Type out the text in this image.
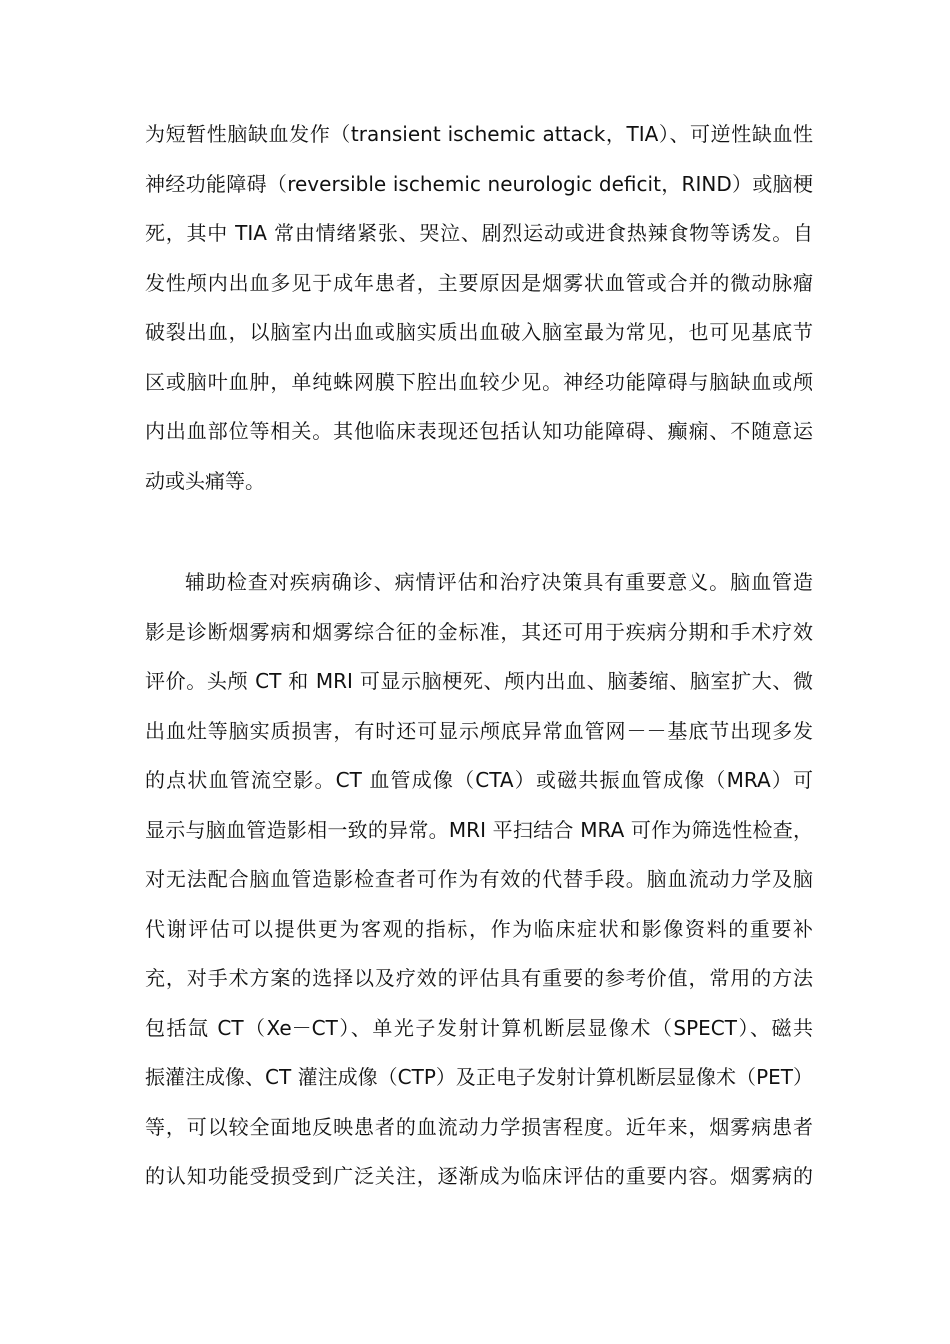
为短暂性脑缺血发作（transient ischemic attack，TIA）、可逆性缺血性
神经功能障碍（reversible ischemic neurologic deficit，RIND）或脑梗
死，其中 TIA 常由情绪紧张、哭泣、剧烈运动或进食热辣食物等诱发。自
发性颅内出血多见于成年患者，主要原因是烟雾状血管或合并的微动脉瘤
破裂出血，以脑室内出血或脑实质出血破入脑室最为常见，也可见基底节
区或脑叶血肿，单纯蛛网膜下腔出血较少见。神经功能障碍与脑缺血或颅
内出血部位等相关。其他临床表现还包括认知功能障碍、癫痫、不随意运
动或头痛等。
辅助检查对疾病确诊、病情评估和治疗决策具有重要意义。脑血管造
影是诊断烟雾病和烟雾综合征的金标准，其还可用于疾病分期和手术疗效
评价。头颅 CT 和 MRI 可显示脑梗死、颅内出血、脑萎缩、脑室扩大、微
出血灶等脑实质损害，有时还可显示颅底异常血管网－－基底节出现多发
的点状血管流空影。CT 血管成像（CTA）或磁共振血管成像（MRA）可
显示与脑血管造影相一致的异常。MRI 平扫结合 MRA 可作为筛选性检查，
对无法配合脑血管造影检查者可作为有效的代替手段。脑血流动力学及脑
代谢评估可以提供更为客观的指标，作为临床症状和影像资料的重要补
充，对手术方案的选择以及疗效的评估具有重要的参考价值，常用的方法
包括氙 CT（Xe－CT）、单光子发射计算机断层显像术（SPECT）、磁共
振灌注成像、CT 灌注成像（CTP）及正电子发射计算机断层显像术（PET）
等，可以较全面地反映患者的血流动力学损害程度。近年来，烟雾病患者
的认知功能受损受到广泛关注，逐渐成为临床评估的重要内容。烟雾病的
